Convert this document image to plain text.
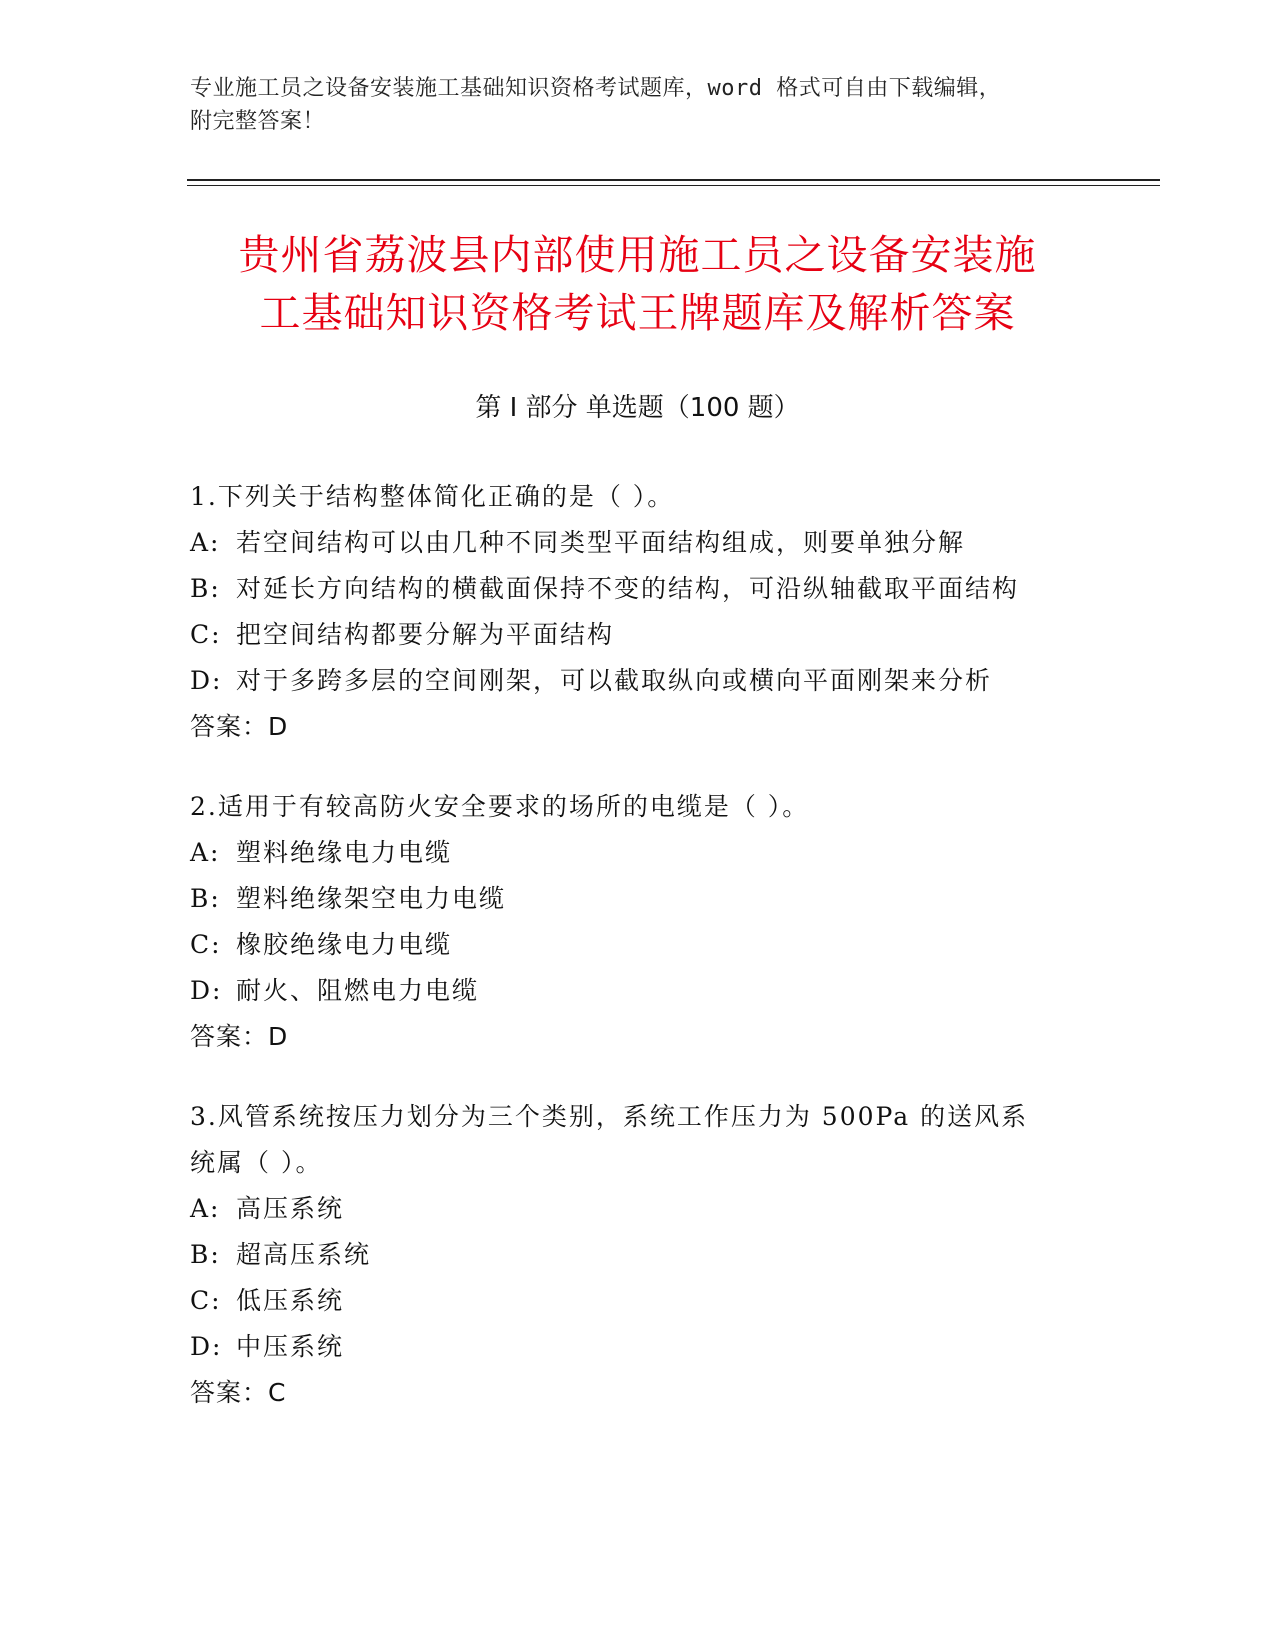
专业施工员之设备安装施工基础知识资格考试题库，word 格式可自由下载编辑，
附完整答案！
贵州省荔波县内部使用施工员之设备安装施
工基础知识资格考试王牌题库及解析答案
第 I 部分 单选题（100 题）
1.下列关于结构整体简化正确的是（ ）。
A: 若空间结构可以由几种不同类型平面结构组成，则要单独分解
B: 对延长方向结构的横截面保持不变的结构，可沿纵轴截取平面结构
C: 把空间结构都要分解为平面结构
D: 对于多跨多层的空间刚架，可以截取纵向或横向平面刚架来分析
答案：D
2.适用于有较高防火安全要求的场所的电缆是（ ）。
A: 塑料绝缘电力电缆
B: 塑料绝缘架空电力电缆
C: 橡胶绝缘电力电缆
D: 耐火、阻燃电力电缆
答案：D
3.风管系统按压力划分为三个类别，系统工作压力为 500Pa 的送风系
统属（ ）。
A: 高压系统
B: 超高压系统
C: 低压系统
D: 中压系统
答案：C
